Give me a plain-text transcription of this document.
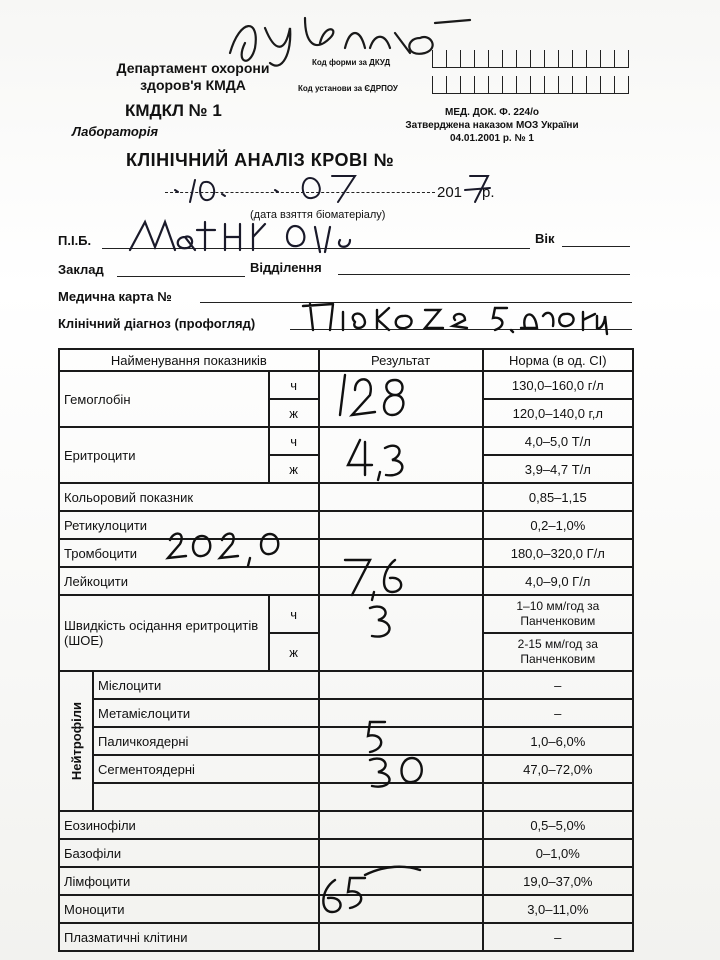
Департамент охорони
здоров'я КМДА
КМДКЛ № 1
Лабораторія
Код форми за ДКУД
Код установи за ЄДРПОУ
МЕД. ДОК. Ф. 224/о
Затверджена наказом МОЗ України
04.01.2001 р. № 1
КЛІНІЧНИЙ АНАЛІЗ КРОВІ №
201 р.
(дата взяття біоматеріалу)
П.І.Б.	Вік
Заклад	Відділення
Медична карта №
Клінічний діагноз (профогляд)
Найменування показників			Результат	Норма (в од. СІ)
Гемоглобін		ч		130,0–160,0 г/л
		ж		120,0–140,0 г,л
Еритроцити		ч		4,0–5,0 Т/л
		ж		3,9–4,7 Т/л
Кольоровий показник				0,85–1,15
Ретикулоцити				0,2–1,0%
Тромбоцити				180,0–320,0 Г/л
Лейкоцити				4,0–9,0 Г/л
Швидкість осідання еритроцитів (ШОЕ)		ч		1–10 мм/год за Панченковим
		ж		2-15 мм/год за Панченковим

Нейтрофіли	Мієлоцити			–
	Метамієлоцити			–
	Паличкоядерні			1,0–6,0%
	Сегментоядерні			47,0–72,0%

Еозинофіли				0,5–5,0%
Базофіли				0–1,0%
Лімфоцити				19,0–37,0%
Моноцити				3,0–11,0%
Плазматичні клітини				–
